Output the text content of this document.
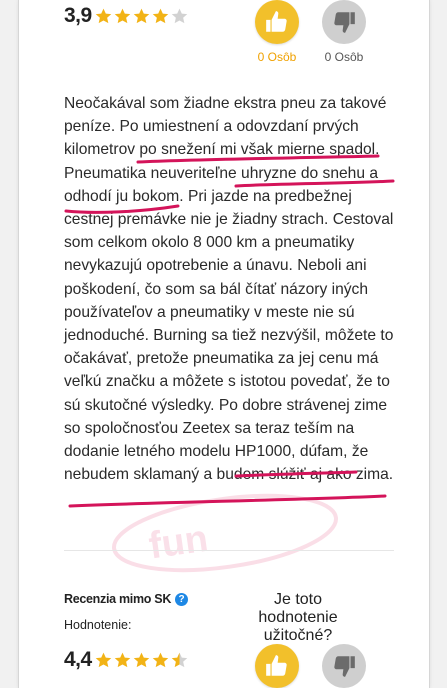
3,9
0 Osôb	0 Osôb
Neočakával som žiadne ekstra pneu za takové peníze. Po umiestnení a odovzdaní prvých kilometrov po snežení mi však mierne spadol. Pneumatika neuveriteľne uhryzne do snehu a odhodí ju bokom. Pri jazde na predbežnej cestnej premávke nie je žiadny strach. Cestoval som celkom okolo 8 000 km a pneumatiky nevykazujú opotrebenie a únavu. Neboli ani poškodení, čo som sa bál čítať názory iných používateľov a pneumatiky v meste nie sú jednoduché. Burning sa tiež nezvýšil, môžete to očakávať, pretože pneumatika za jej cenu má veľkú značku a môžete s istotou povedať, že to sú skutočné výsledky. Po dobre strávenej zime so spoločnosťou Zeetex sa teraz teším na dodanie letného modelu HP1000, dúfam, že nebudem sklamaný a budem slúžiť aj ako zima.
Recenzia mimo SK ?
Hodnotenie:
Je toto hodnotenie užitočné?
4,4
